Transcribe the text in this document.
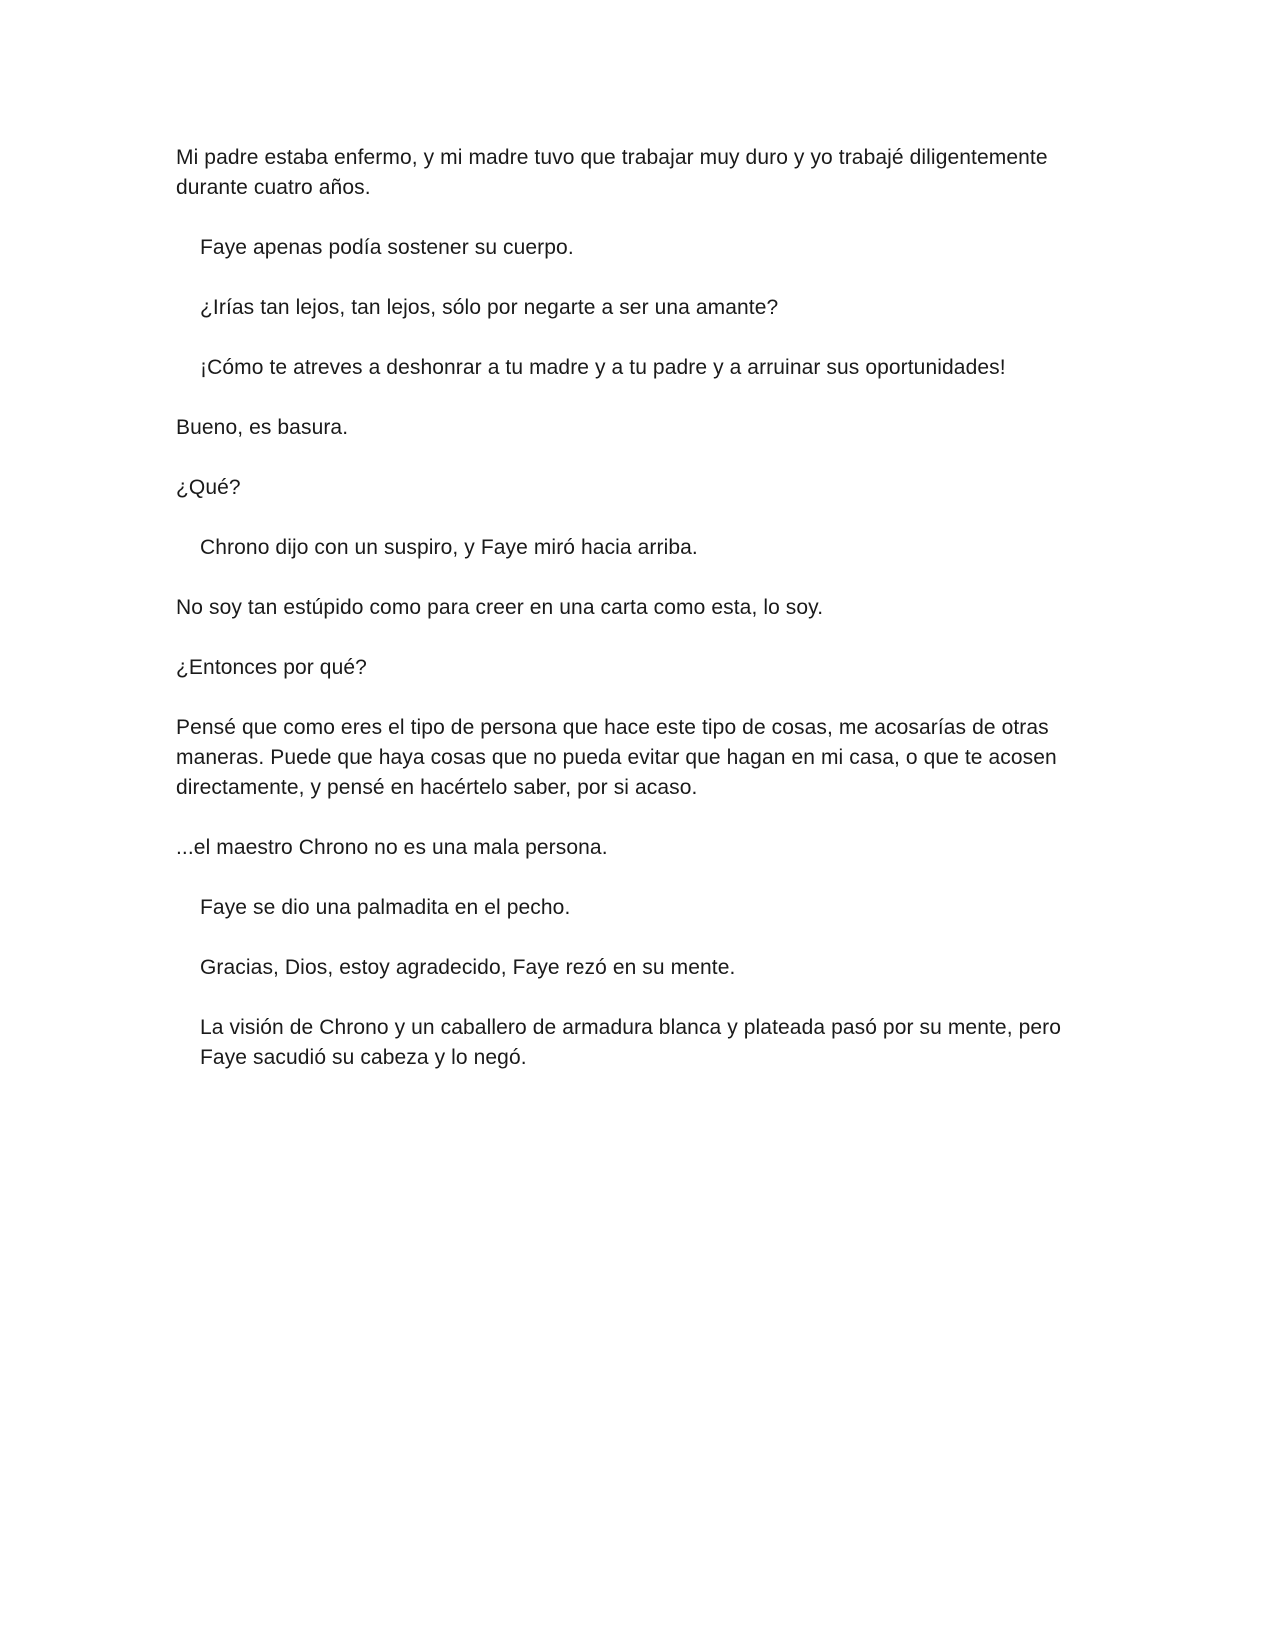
Mi padre estaba enfermo, y mi madre tuvo que trabajar muy duro y yo trabajé diligentemente durante cuatro años.

Faye apenas podía sostener su cuerpo.

¿Irías tan lejos, tan lejos, sólo por negarte a ser una amante?

¡Cómo te atreves a deshonrar a tu madre y a tu padre y a arruinar sus oportunidades!

Bueno, es basura.

¿Qué?

Chrono dijo con un suspiro, y Faye miró hacia arriba.

No soy tan estúpido como para creer en una carta como esta, lo soy.

¿Entonces por qué?

Pensé que como eres el tipo de persona que hace este tipo de cosas, me acosarías de otras maneras. Puede que haya cosas que no pueda evitar que hagan en mi casa, o que te acosen directamente, y pensé en hacértelo saber, por si acaso.

...el maestro Chrono no es una mala persona.

Faye se dio una palmadita en el pecho.

Gracias, Dios, estoy agradecido, Faye rezó en su mente.

La visión de Chrono y un caballero de armadura blanca y plateada pasó por su mente, pero Faye sacudió su cabeza y lo negó.
